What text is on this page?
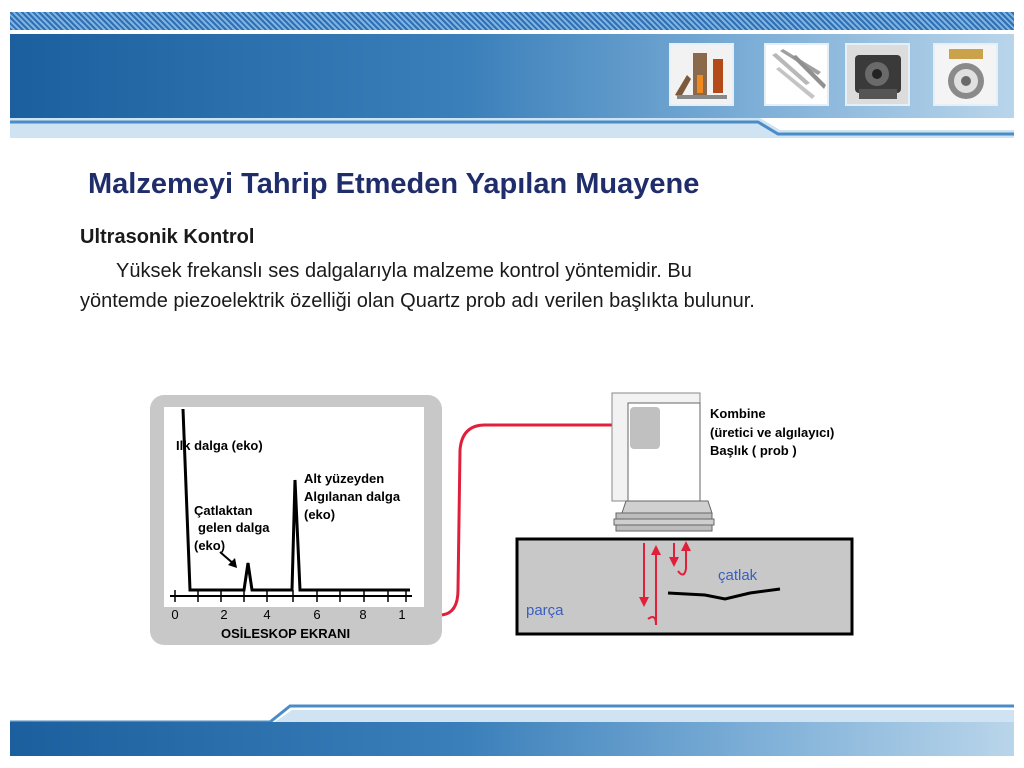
Malzemeyi Tahrip Etmeden Yapılan Muayene
Ultrasonik Kontrol
Yüksek frekanslı ses dalgalarıyla malzeme kontrol yöntemidir. Bu
yöntemde piezoelektrik özelliği olan Quartz prob adı verilen başlıkta bulunur.
0	2	4	6	8 1
OSİLESKOP EKRANI
Ilk dalga (eko)
Çatlaktan
gelen dalga
(eko)
Alt yüzeyden
Algılanan dalga
(eko)
Kombine
(üretici ve algılayıcı)
Başlık ( prob )
çatlak
parça
